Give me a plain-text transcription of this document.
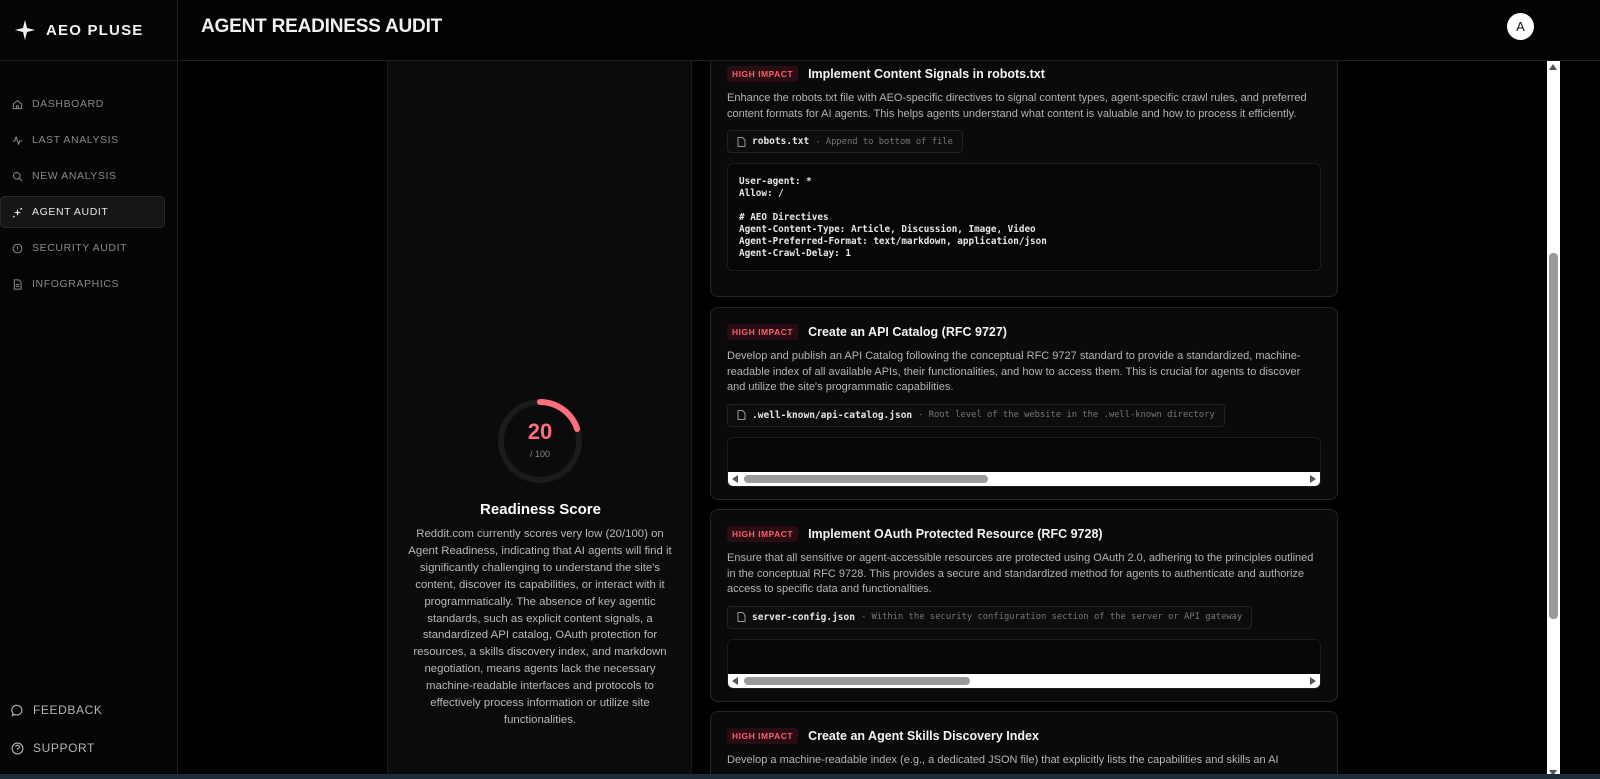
AEO PLUSE
DASHBOARD
LAST ANALYSIS
NEW ANALYSIS
AGENT AUDIT
SECURITY AUDIT
INFOGRAPHICS
FEEDBACK
SUPPORT
AGENT READINESS AUDIT	A
20
/ 100
Readiness Score

Reddit.com currently scores very low (20/100) on Agent Readiness, indicating that AI agents will find it significantly challenging to understand the site's content, discover its capabilities, or interact with it programmatically. The absence of key agentic standards, such as explicit content signals, a standardized API catalog, OAuth protection for resources, a skills discovery index, and markdown negotiation, means agents lack the necessary machine-readable interfaces and protocols to effectively process information or utilize site functionalities.

HIGH IMPACT Implement Content Signals in robots.txt

Enhance the robots.txt file with AEO-specific directives to signal content types, agent-specific crawl rules, and preferred content formats for AI agents. This helps agents understand what content is valuable and how to process it efficiently.

robots.txt - Append to bottom of file
User-agent: *
Allow: /

# AEO Directives
Agent-Content-Type: Article, Discussion, Image, Video
Agent-Preferred-Format: text/markdown, application/json
Agent-Crawl-Delay: 1
HIGH IMPACT Create an API Catalog (RFC 9727)

Develop and publish an API Catalog following the conceptual RFC 9727 standard to provide a standardized, machine-readable index of all available APIs, their functionalities, and how to access them. This is crucial for agents to discover and utilize the site's programmatic capabilities.

.well-known/api-catalog.json - Root level of the website in the .well-known directory

HIGH IMPACT Implement OAuth Protected Resource (RFC 9728)

Ensure that all sensitive or agent-accessible resources are protected using OAuth 2.0, adhering to the principles outlined in the conceptual RFC 9728. This provides a secure and standardized method for agents to authenticate and authorize access to specific data and functionalities.

server-config.json - Within the security configuration section of the server or API gateway

HIGH IMPACT Create an Agent Skills Discovery Index

Develop a machine-readable index (e.g., a dedicated JSON file) that explicitly lists the capabilities and skills an AI
